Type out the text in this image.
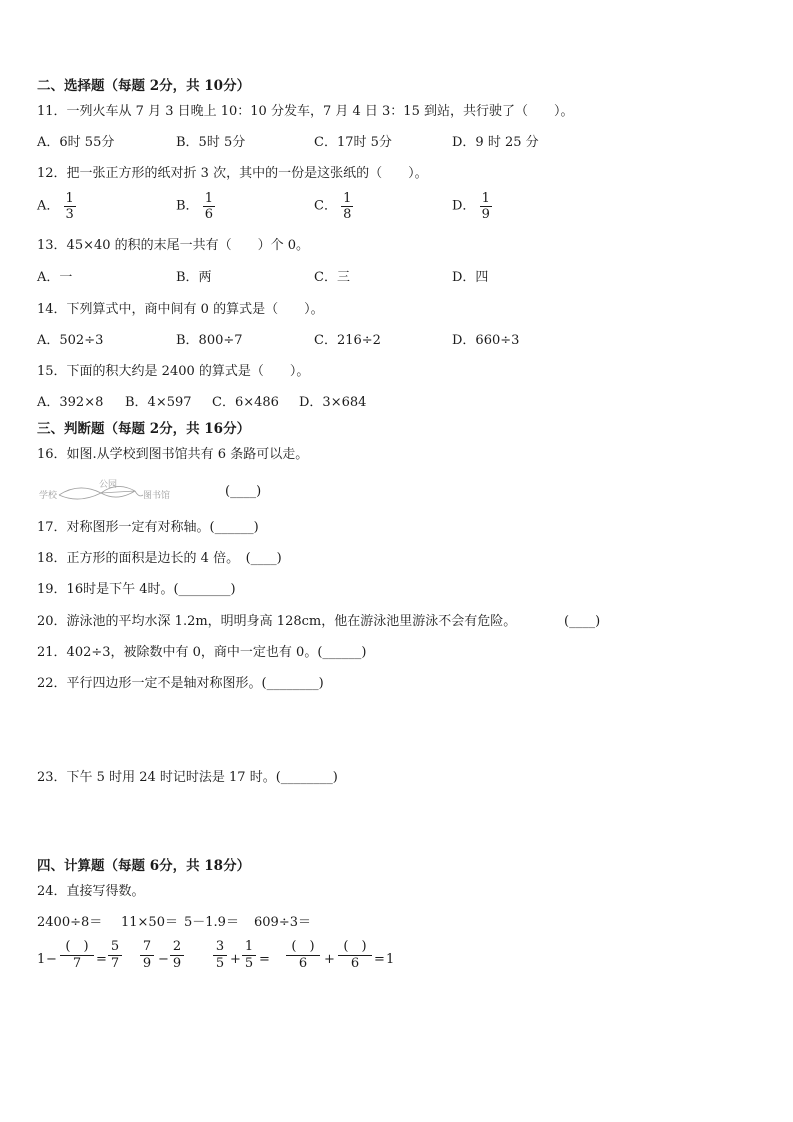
二、选择题（每题 2分，共 10分）
11．一列火车从 7 月 3 日晚上 10：10 分发车，7 月 4 日 3：15 到站，共行驶了（　　）。
A．6时 55分	B．5时 5分	C．17时 5分	D．9 时 25 分
12．把一张正方形的纸对折 3 次，其中的一份是这张纸的（　　）。
A． $\frac{1}{3}$	B． $\frac{1}{6}$	C． $\frac{1}{8}$	D． $\frac{1}{9}$
13．45×40 的积的末尾一共有（　　）个 0。
A．一	B．两	C．三	D．四
14．下列算式中，商中间有 0 的算式是（　　）。
A．502÷3	B．800÷7	C．216÷2	D．660÷3
15．下面的积大约是 2400 的算式是（　　）。
A．392×8 B．4×597 C．6×486 D．3×684
三、判断题（每题 2分，共 16分）
16．如图.从学校到图书馆共有 6 条路可以走。
学校
公园
图书馆	(____)
17．对称图形一定有对称轴。(______)
18．正方形的面积是边长的 4 倍。　(____)
19．16时是下午 4时。(________)
20．游泳池的平均水深 1.2m，明明身高 128cm，他在游泳池里游泳不会有危险。	(____)
21．402÷3，被除数中有 0，商中一定也有 0。(______)
22．平行四边形一定不是轴对称图形。(________)
23．下午 5 时用 24 时记时法是 17 时。(________)
四、计算题（每题 6分，共 18分）
24．直接写得数。
2400÷8＝ 11×50＝ 5－1.9＝ 609÷3＝
1 −
(　)
7	=
5
7
7
9 −
2
9
3
5 +
1
5 =
(　)
6	+
(　)
6	= 1
